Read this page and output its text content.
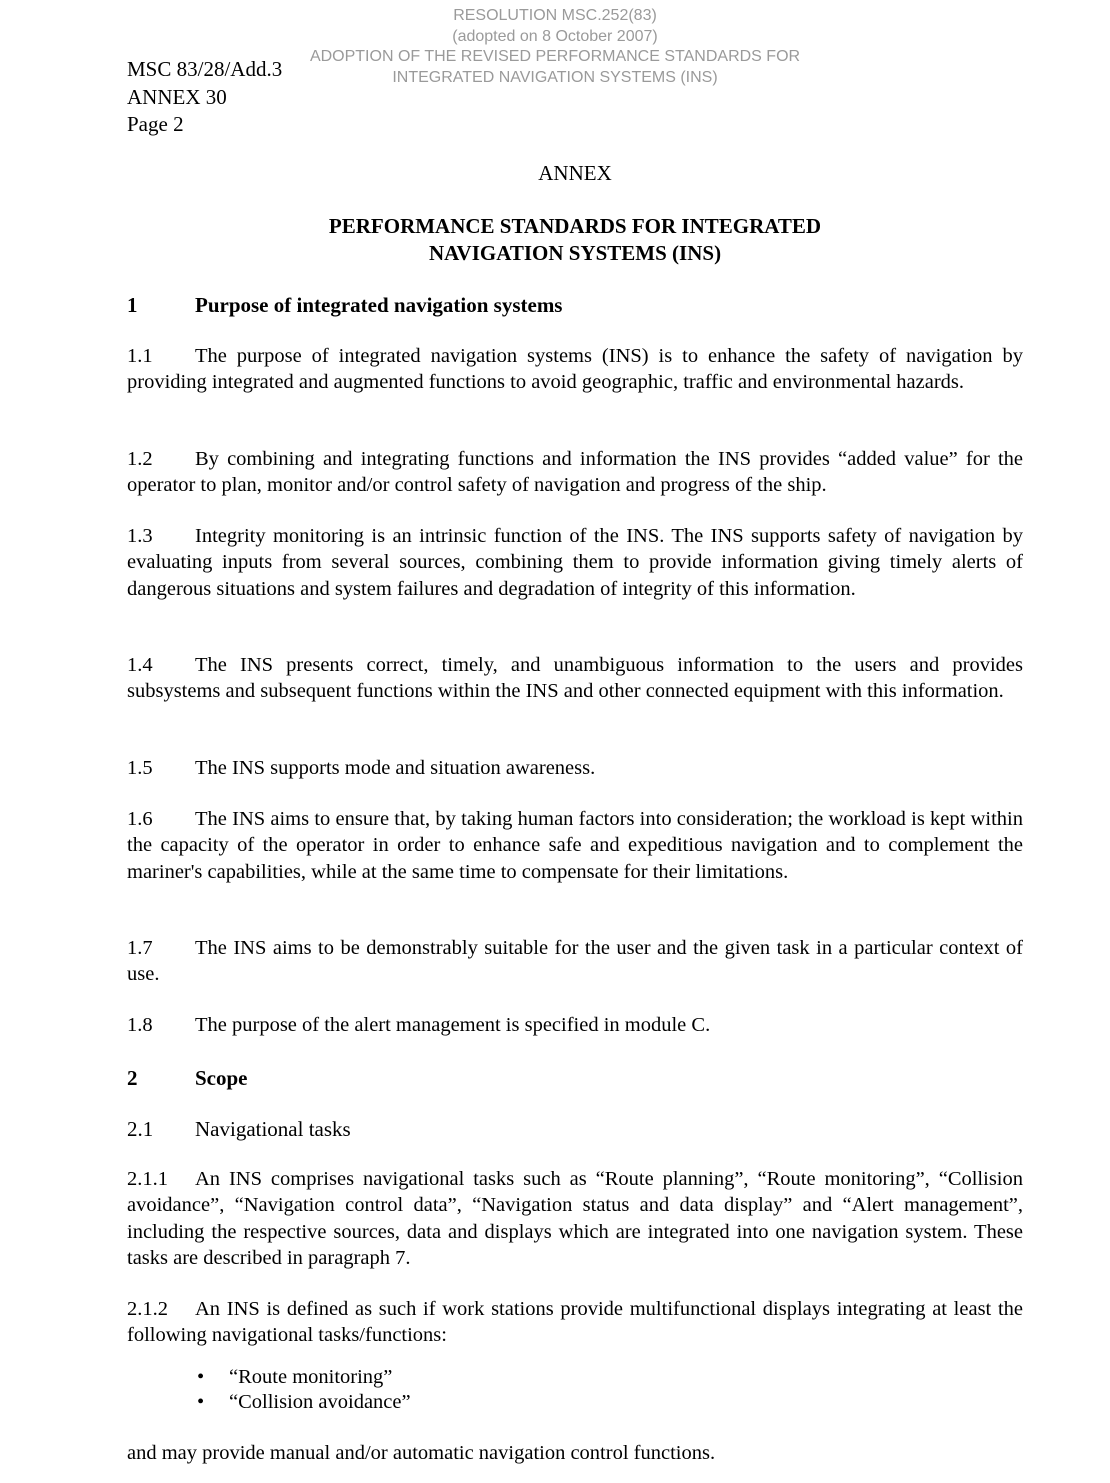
RESOLUTION MSC.252(83)
(adopted on 8 October 2007)
ADOPTION OF THE REVISED PERFORMANCE STANDARDS FOR
INTEGRATED NAVIGATION SYSTEMS (INS)
MSC 83/28/Add.3
ANNEX 30
Page 2
ANNEX
PERFORMANCE STANDARDS FOR INTEGRATED
NAVIGATION SYSTEMS (INS)
1	Purpose of integrated navigation systems
1.1 The purpose of integrated navigation systems (INS) is to enhance the safety of navigation by providing integrated and augmented functions to avoid geographic, traffic and environmental hazards.
1.2 By combining and integrating functions and information the INS provides “added value” for the operator to plan, monitor and/or control safety of navigation and progress of the ship.
1.3 Integrity monitoring is an intrinsic function of the INS. The INS supports safety of navigation by evaluating inputs from several sources, combining them to provide information giving timely alerts of dangerous situations and system failures and degradation of integrity of this information.
1.4 The INS presents correct, timely, and unambiguous information to the users and provides subsystems and subsequent functions within the INS and other connected equipment with this information.
1.5 The INS supports mode and situation awareness.
1.6 The INS aims to ensure that, by taking human factors into consideration; the workload is kept within the capacity of the operator in order to enhance safe and expeditious navigation and to complement the mariner's capabilities, while at the same time to compensate for their limitations.
1.7 The INS aims to be demonstrably suitable for the user and the given task in a particular context of use.
1.8 The purpose of the alert management is specified in module C.
2	Scope
2.1 Navigational tasks
2.1.1 An INS comprises navigational tasks such as “Route planning”, “Route monitoring”, “Collision avoidance”, “Navigation control data”, “Navigation status and data display” and “Alert management”, including the respective sources, data and displays which are integrated into one navigation system. These tasks are described in paragraph 7.
2.1.2 An INS is defined as such if work stations provide multifunctional displays integrating at least the following navigational tasks/functions:
• “Route monitoring”
• “Collision avoidance”
and may provide manual and/or automatic navigation control functions.
